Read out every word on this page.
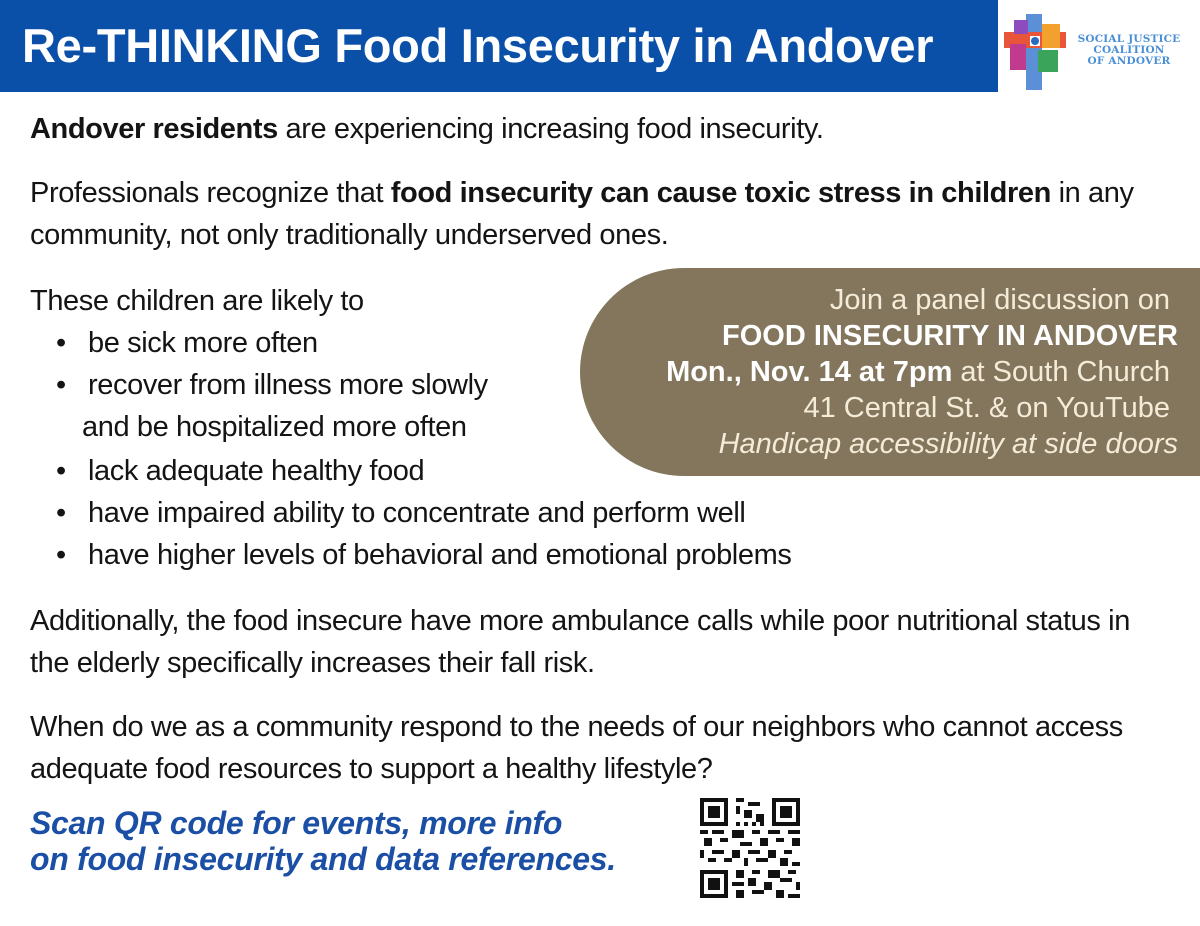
Re-THINKING Food Insecurity in Andover	SOCIAL JUSTICE
COALITION
OF ANDOVER
Andover residents are experiencing increasing food insecurity.
Professionals recognize that food insecurity can cause toxic stress in children in any community, not only traditionally underserved ones.
These children are likely to
• be sick more often
• recover from illness more slowly
and be hospitalized more often
• lack adequate healthy food
• have impaired ability to concentrate and perform well
• have higher levels of behavioral and emotional problems
Join a panel discussion on
FOOD INSECURITY IN ANDOVER
Mon., Nov. 14 at 7pm at South Church
41 Central St. & on YouTube
Handicap accessibility at side doors
Additionally, the food insecure have more ambulance calls while poor nutritional status in the elderly specifically increases their fall risk.
When do we as a community respond to the needs of our neighbors who cannot access adequate food resources to support a healthy lifestyle?
Scan QR code for events, more info
on food insecurity and data references.
